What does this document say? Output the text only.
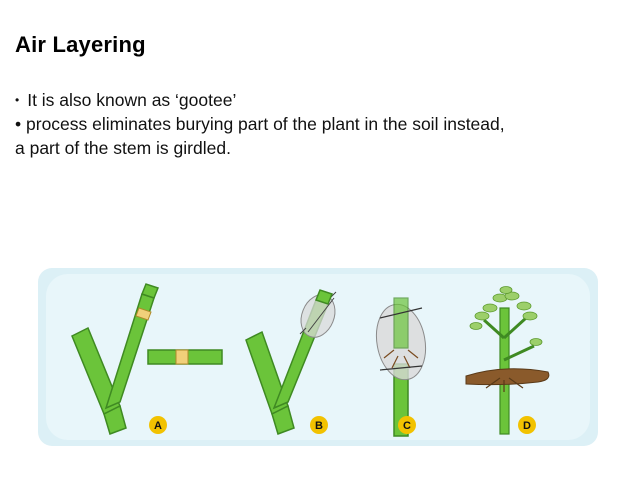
Air Layering
• It is also known as ‘gootee’
• process eliminates burying part of the plant in the soil instead,
a part of the stem is girdled.
A	B	C	D
